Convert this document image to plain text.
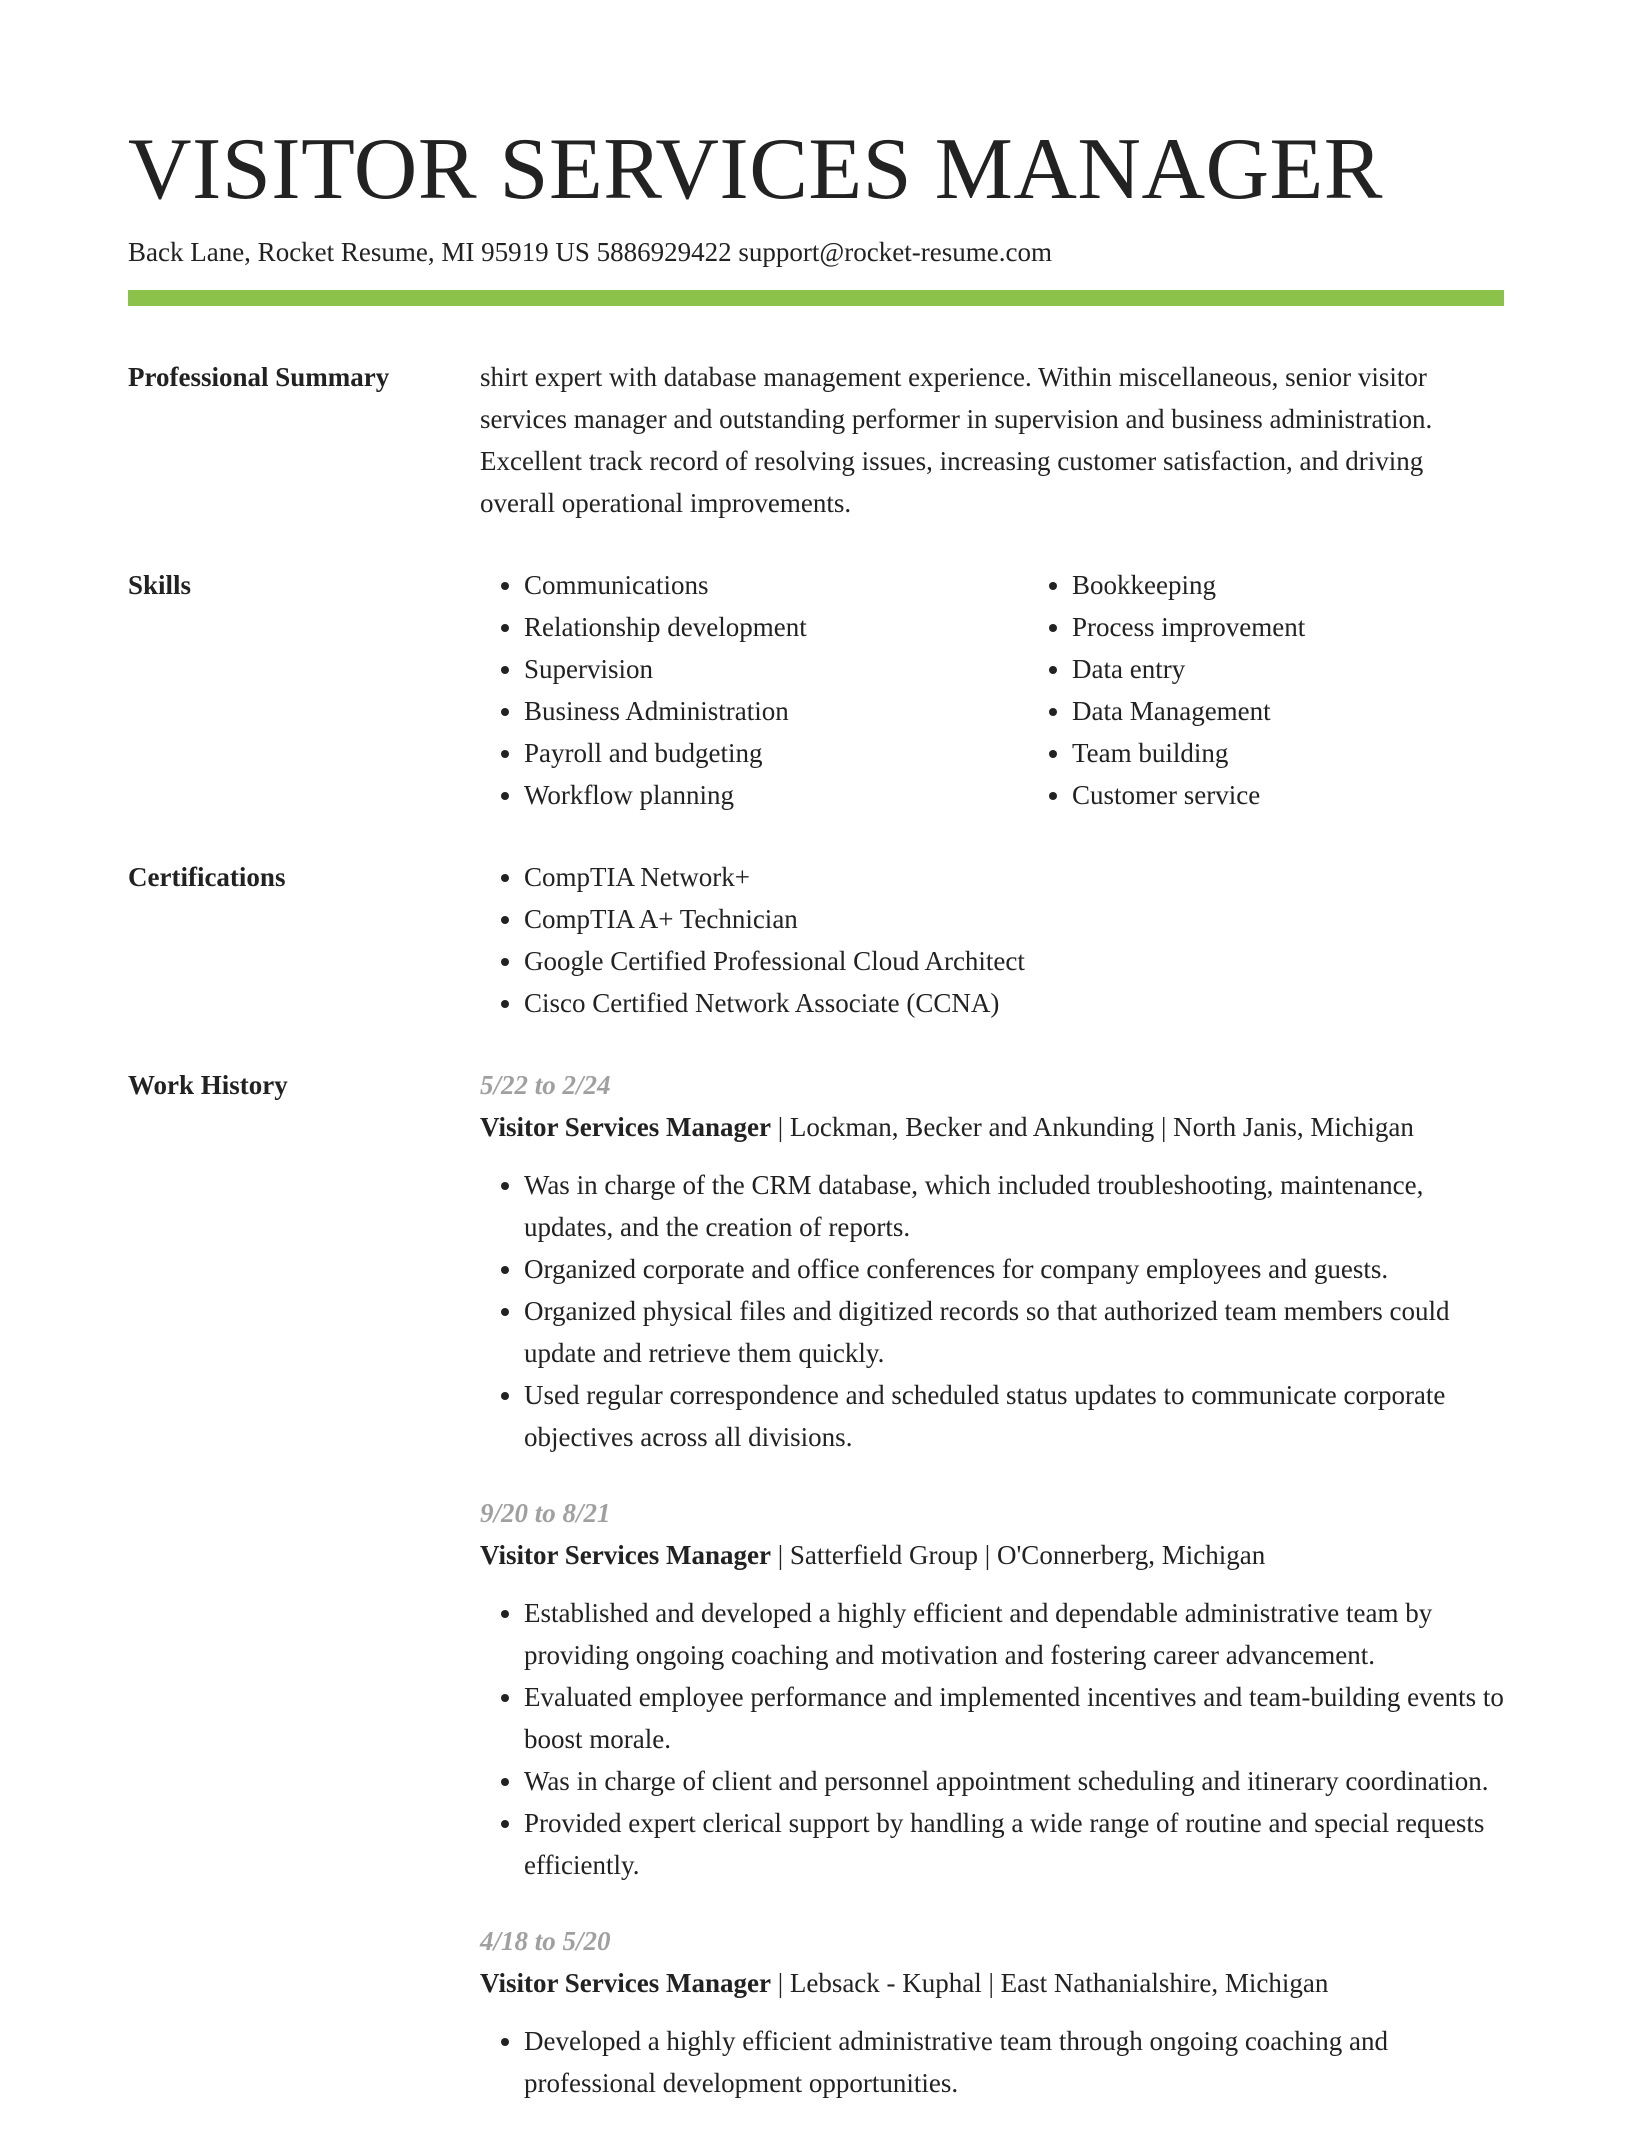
VISITOR SERVICES MANAGER
Back Lane, Rocket Resume, MI 95919 US 5886929422 support@rocket-resume.com
Professional Summary	shirt expert with database management experience. Within miscellaneous, senior visitor services manager and outstanding performer in supervision and business administration. Excellent track record of resolving issues, increasing customer satisfaction, and driving overall operational improvements.

Skills	• Communications
• Relationship development
• Supervision
• Business Administration
• Payroll and budgeting
• Workflow planning
• Bookkeeping
• Process improvement
• Data entry
• Data Management
• Team building
• Customer service
Certifications	• CompTIA Network+
• CompTIA A+ Technician
• Google Certified Professional Cloud Architect
• Cisco Certified Network Associate (CCNA)
Work History	5/22 to 2/24
Visitor Services Manager | Lockman, Becker and Ankunding | North Janis, Michigan
• Was in charge of the CRM database, which included troubleshooting, maintenance, updates, and the creation of reports.
• Organized corporate and office conferences for company employees and guests.
• Organized physical files and digitized records so that authorized team members could update and retrieve them quickly.
• Used regular correspondence and scheduled status updates to communicate corporate objectives across all divisions.
9/20 to 8/21
Visitor Services Manager | Satterfield Group | O'Connerberg, Michigan
• Established and developed a highly efficient and dependable administrative team by providing ongoing coaching and motivation and fostering career advancement.
• Evaluated employee performance and implemented incentives and team-building events to boost morale.
• Was in charge of client and personnel appointment scheduling and itinerary coordination.
• Provided expert clerical support by handling a wide range of routine and special requests efficiently.
4/18 to 5/20
Visitor Services Manager | Lebsack - Kuphal | East Nathanialshire, Michigan
• Developed a highly efficient administrative team through ongoing coaching and professional development opportunities.
